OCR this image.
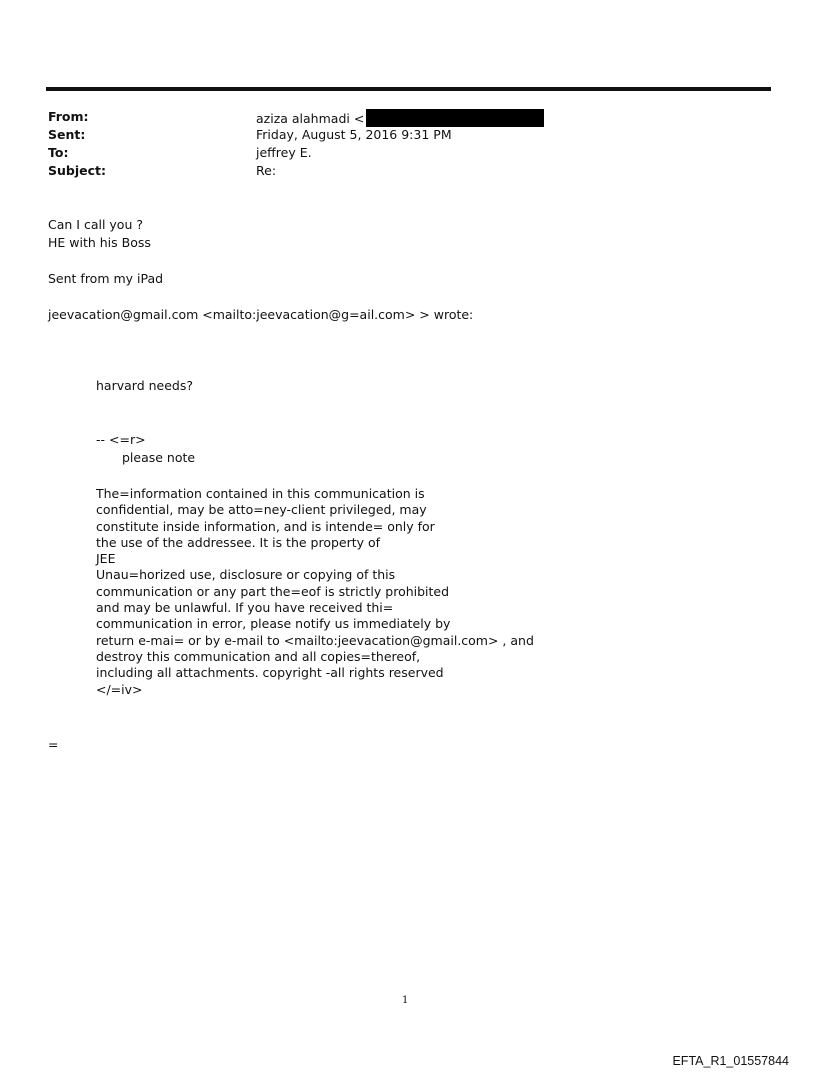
From:	aziza alahmadi <
Sent:	Friday, August 5, 2016 9:31 PM
To:	jeffrey E.
Subject:	Re:
Can I call you ?
HE with his Boss
Sent from my iPad
jeevacation@gmail.com <mailto:jeevacation@g=ail.com> > wrote:
harvard needs?
-- <=r>
please note
The=information contained in this communication is
confidential, may be atto=ney-client privileged, may
constitute inside information, and is intende= only for
the use of the addressee. It is the property of
JEE
Unau=horized use, disclosure or copying of this
communication or any part the=eof is strictly prohibited
and may be unlawful. If you have received thi=
communication in error, please notify us immediately by
return e-mai= or by e-mail to <mailto:jeevacation@gmail.com> , and
destroy this communication and all copies=thereof,
including all attachments. copyright -all rights reserved
</=iv>
=
1
EFTA_R1_01557844
